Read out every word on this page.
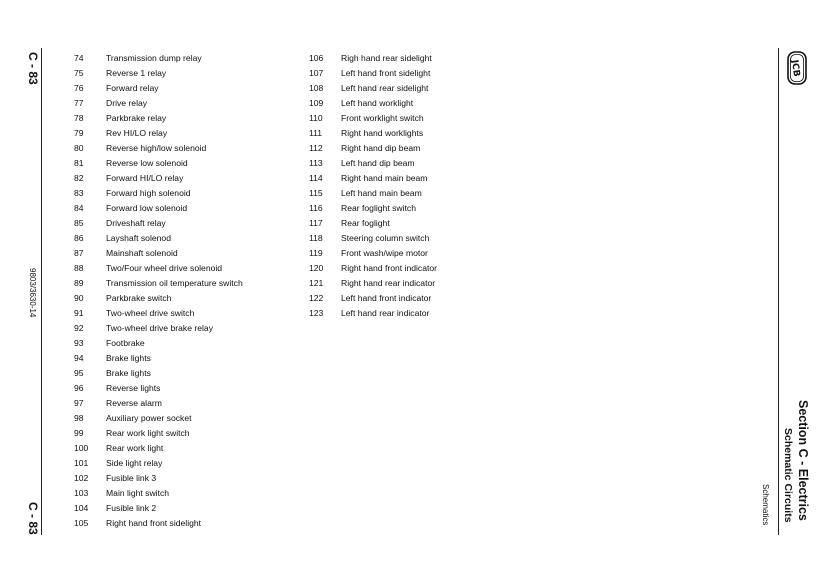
C - 83
9803/3630-14
C - 83
74	Transmission dump relay
75	Reverse 1 relay
76	Forward relay
77	Drive relay
78	Parkbrake relay
79	Rev HI/LO relay
80	Reverse high/low solenoid
81	Reverse low solenoid
82	Forward HI/LO relay
83	Forward high solenoid
84	Forward low solenoid
85	Driveshaft relay
86	Layshaft solenod
87	Mainshaft solenoid
88	Two/Four wheel drive solenoid
89	Transmission oil temperature switch
90	Parkbrake switch
91	Two-wheel drive switch
92	Two-wheel drive brake relay
93	Footbrake
94	Brake lights
95	Brake lights
96	Reverse lights
97	Reverse alarm
98	Auxiliary power socket
99	Rear work light switch
100 Rear work light
101 Side light relay
102 Fusible link 3
103 Main light switch
104 Fusible link 2
105 Right hand front sidelight
106 Righ hand rear sidelight
107 Left hand front sidelight
108 Left hand rear sidelight
109 Left hand worklight
110 Front worklight switch
111 Right hand worklights
112 Right hand dip beam
113 Left hand dip beam
114 Right hand main beam
115 Left hand main beam
116 Rear foglight switch
117 Rear foglight
118 Steering column switch
119 Front wash/wipe motor
120 Right hand front indicator
121 Right hand rear indicator
122 Left hand front indicator
123 Left hand rear indicator
JCB
Section C - Electrics
Schematic Circuits
Schematics
